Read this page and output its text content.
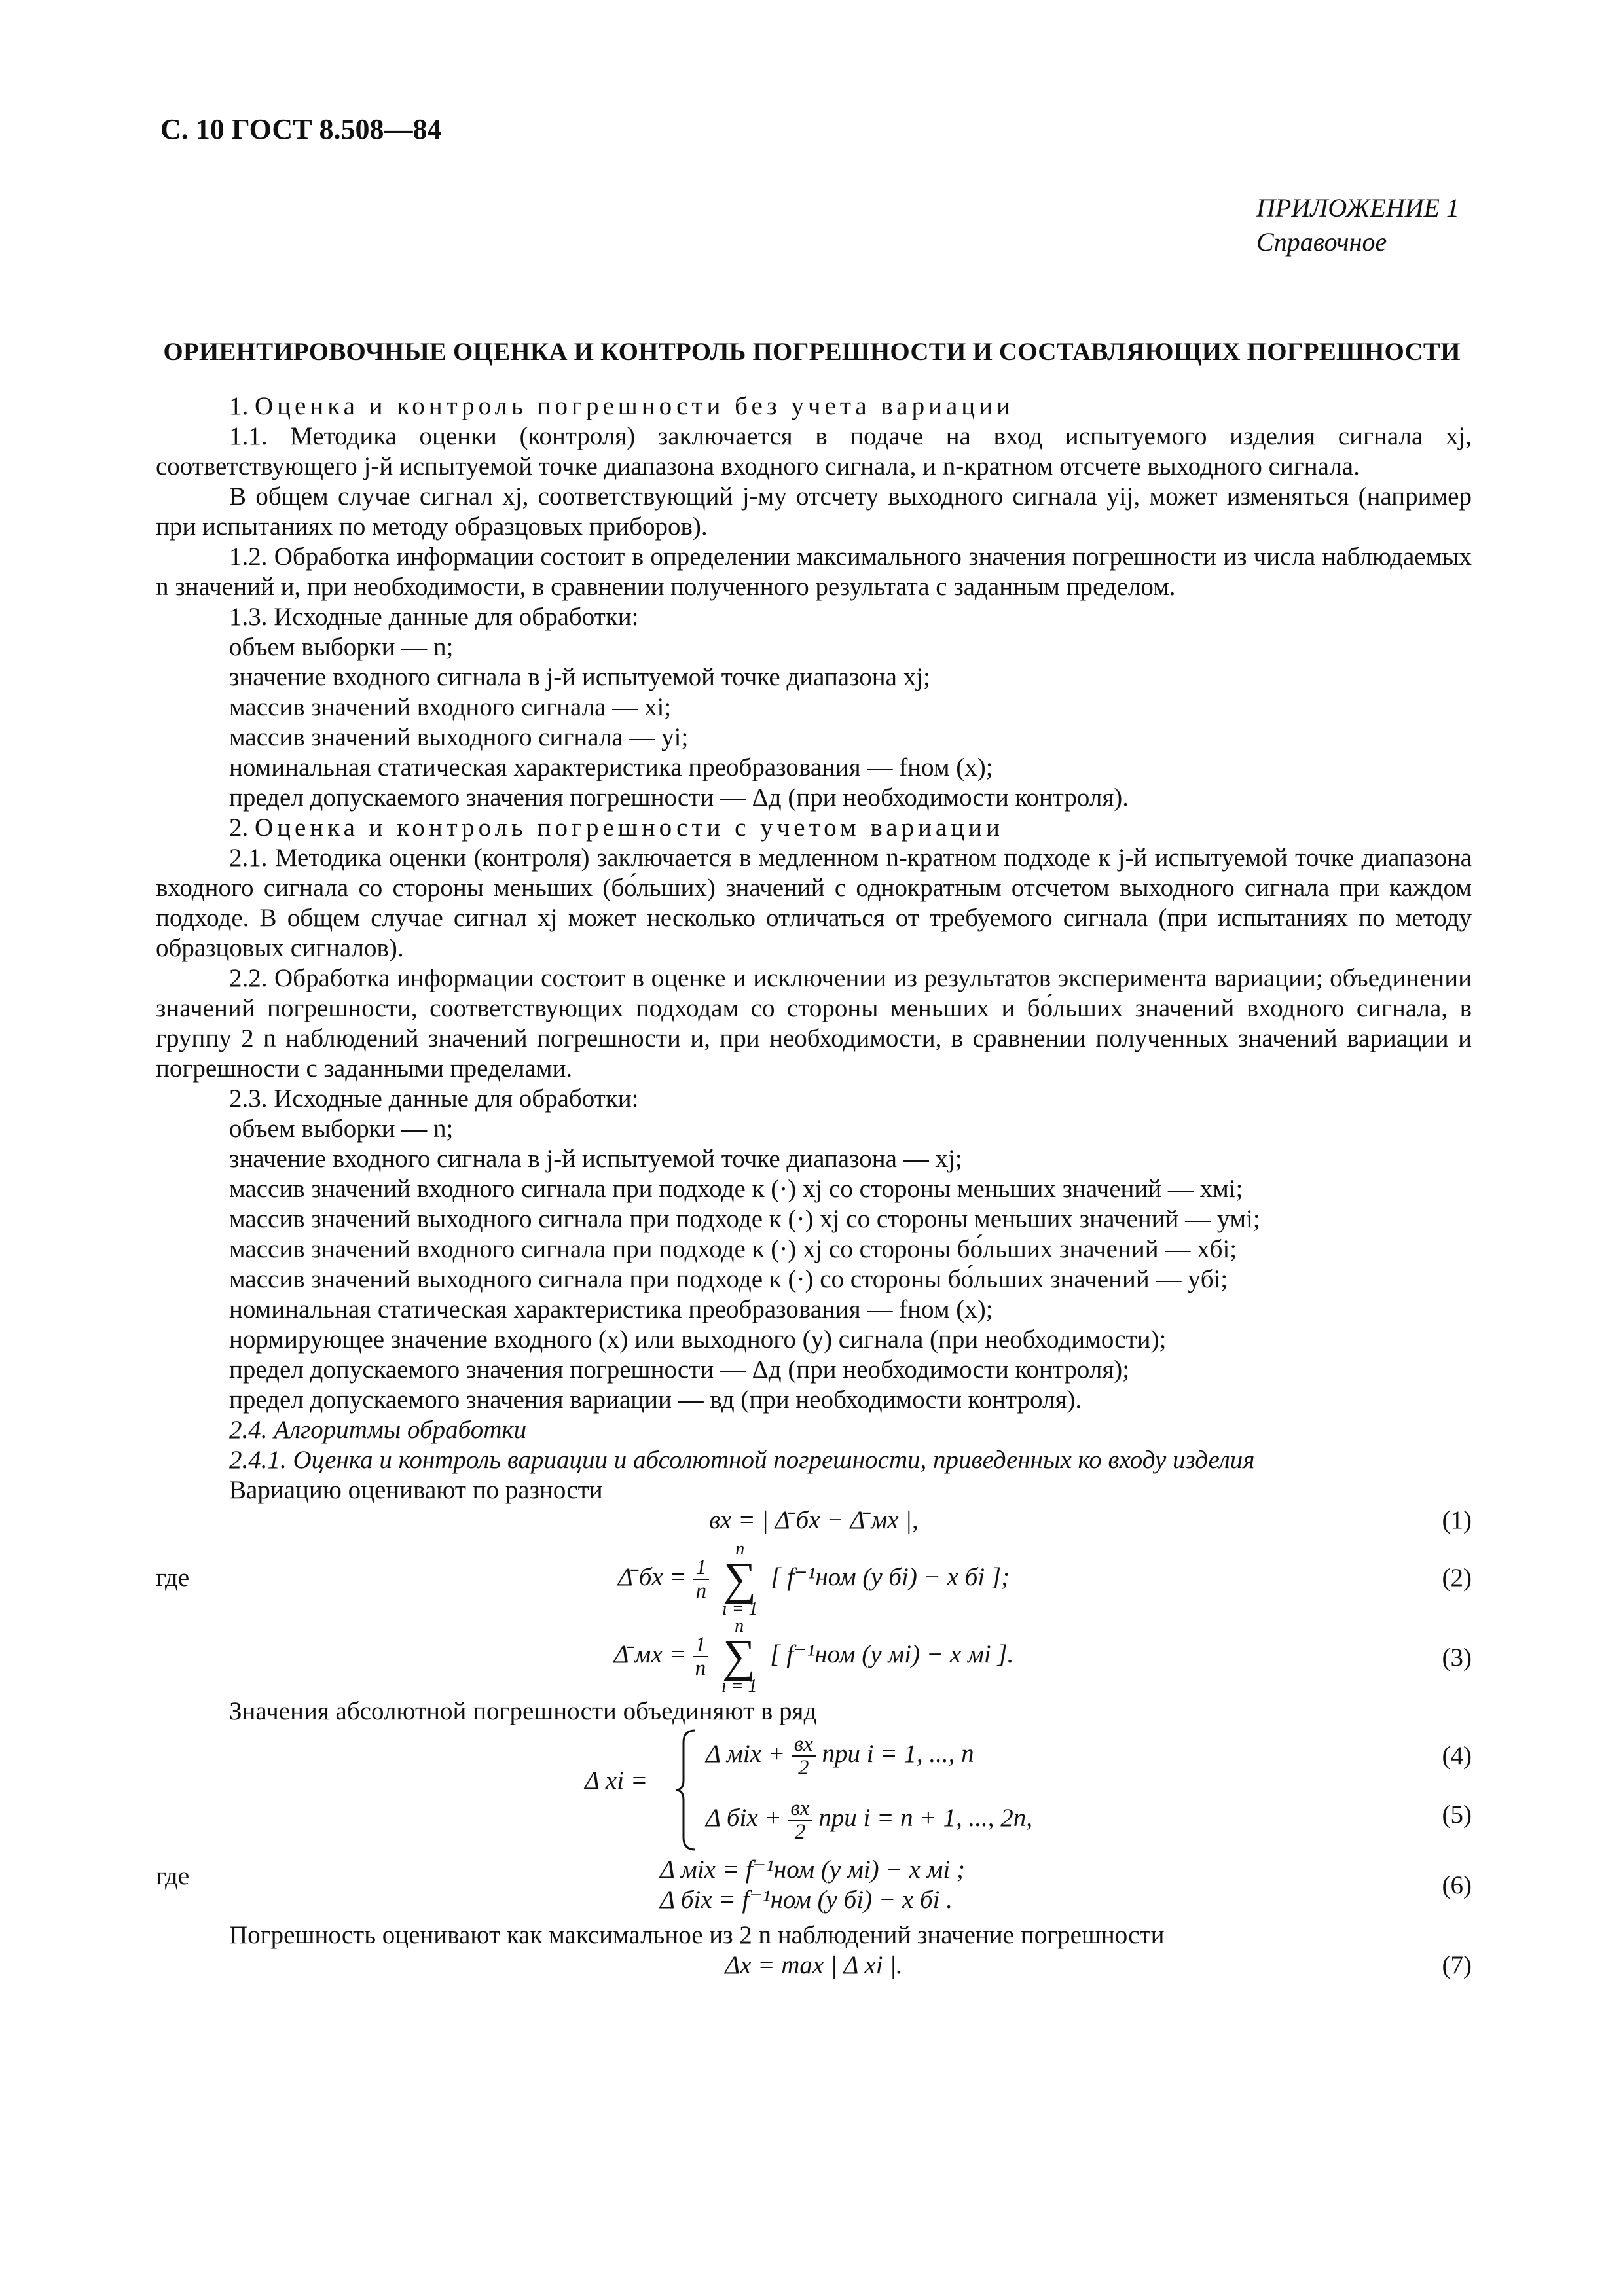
С. 10 ГОСТ 8.508—84
ПРИЛОЖЕНИЕ 1
Справочное
ОРИЕНТИРОВОЧНЫЕ ОЦЕНКА И КОНТРОЛЬ ПОГРЕШНОСТИ И СОСТАВЛЯЮЩИХ ПОГРЕШНОСТИ

1. Оценка и контроль погрешности без учета вариации

1.1. Методика оценки (контроля) заключается в подаче на вход испытуемого изделия сигнала xj, соответствующего j-й испытуемой точке диапазона входного сигнала, и n-кратном отсчете выходного сигнала.

В общем случае сигнал xj, соответствующий j-му отсчету выходного сигнала yij, может изменяться (например при испытаниях по методу образцовых приборов).

1.2. Обработка информации состоит в определении максимального значения погрешности из числа наблюдаемых n значений и, при необходимости, в сравнении полученного результата с заданным пределом.

1.3. Исходные данные для обработки:

объем выборки — n;

значение входного сигнала в j-й испытуемой точке диапазона xj;

массив значений входного сигнала — xi;

массив значений выходного сигнала — yi;

номинальная статическая характеристика преобразования — fном (x);

предел допускаемого значения погрешности — Δд (при необходимости контроля).

2. Оценка и контроль погрешности с учетом вариации

2.1. Методика оценки (контроля) заключается в медленном n-кратном подходе к j-й испытуемой точке диапазона входного сигнала со стороны меньших (бо́льших) значений с однократным отсчетом выходного сигнала при каждом подходе. В общем случае сигнал xj может несколько отличаться от требуемого сигнала (при испытаниях по методу образцовых сигналов).

2.2. Обработка информации состоит в оценке и исключении из результатов эксперимента вариации; объединении значений погрешности, соответствующих подходам со стороны меньших и бо́льших значений входного сигнала, в группу 2 n наблюдений значений погрешности и, при необходимости, в сравнении полученных значений вариации и погрешности с заданными пределами.

2.3. Исходные данные для обработки:

объем выборки — n;

значение входного сигнала в j-й испытуемой точке диапазона — xj;

массив значений входного сигнала при подходе к (·) xj со стороны меньших значений — xмi;

массив значений выходного сигнала при подходе к (·) xj со стороны меньших значений — yмi;

массив значений входного сигнала при подходе к (·) xj со стороны бо́льших значений — xбi;

массив значений выходного сигнала при подходе к (·) со стороны бо́льших значений — yбi;

номинальная статическая характеристика преобразования — fном (x);

нормирующее значение входного (x) или выходного (y) сигнала (при необходимости);

предел допускаемого значения погрешности — Δд (при необходимости контроля);

предел допускаемого значения вариации — вд (при необходимости контроля).

2.4. Алгоритмы обработки

2.4.1. Оценка и контроль вариации и абсолютной погрешности, приведенных ко входу изделия

Вариацию оценивают по разности

вx = | Δ̄ бx − Δ̄ мx |,	(1)
где	Δ̄ бx = $\frac{1}{n}$

n
∑
i = 1
[ f⁻¹ном (y бi) − x бi ];	(2)
Δ̄ мx = $\frac{1}{n}$

n
∑
i = 1
[ f⁻¹ном (y мi) − x мi ].	(3)

Значения абсолютной погрешности объединяют в ряд

Δ xi =
Δ мix + $\frac{вx}{2}$ при i = 1, ..., n	(4)
Δ бix + $\frac{вx}{2}$ при i = n + 1, ..., 2n,	(5)
где	Δ мix = f⁻¹ном (y мi) − x мi ;
Δ бix = f⁻¹ном (y бi) − x бi .
(6)

Погрешность оценивают как максимальное из 2 n наблюдений значение погрешности

Δx = max | Δ xi |.	(7)
